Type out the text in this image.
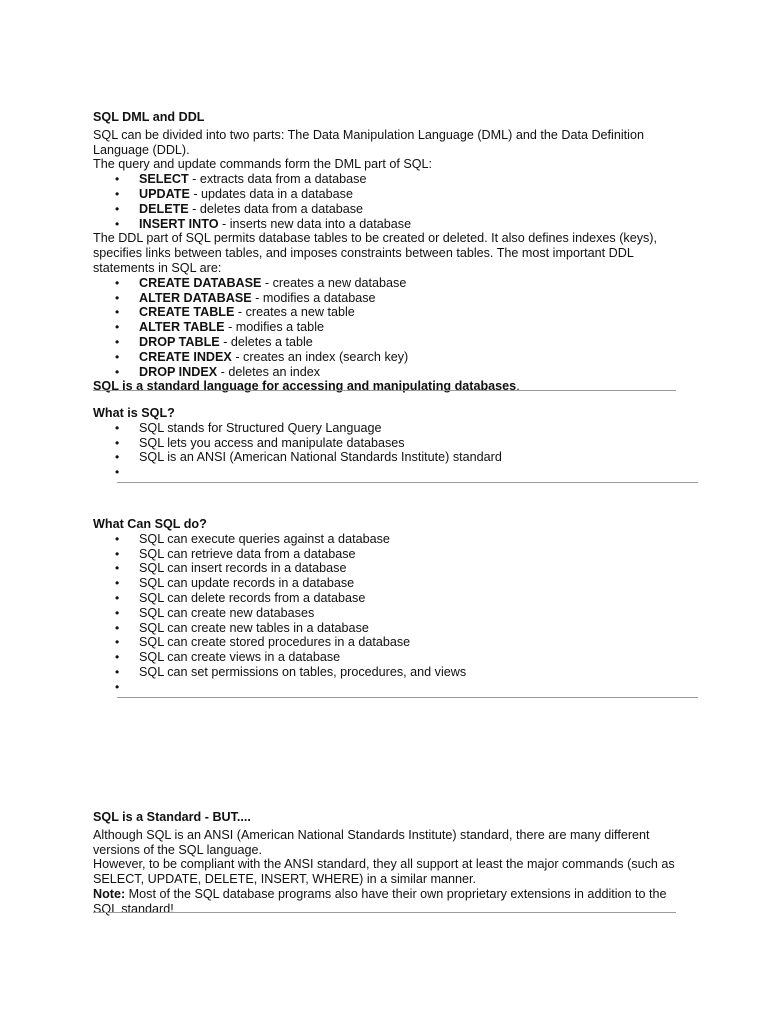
SQL DML and DDL

SQL can be divided into two parts: The Data Manipulation Language (DML) and the Data Definition Language (DDL).

The query and update commands form the DML part of SQL:

• SELECT - extracts data from a database
• UPDATE - updates data in a database
• DELETE - deletes data from a database
• INSERT INTO - inserts new data into a database

The DDL part of SQL permits database tables to be created or deleted. It also defines indexes (keys), specifies links between tables, and imposes constraints between tables. The most important DDL statements in SQL are:

• CREATE DATABASE - creates a new database
• ALTER DATABASE - modifies a database
• CREATE TABLE - creates a new table
• ALTER TABLE - modifies a table
• DROP TABLE - deletes a table
• CREATE INDEX - creates an index (search key)
• DROP INDEX - deletes an index

SQL is a standard language for accessing and manipulating databases.

What is SQL?

• SQL stands for Structured Query Language
• SQL lets you access and manipulate databases
• SQL is an ANSI (American National Standards Institute) standard
•

What Can SQL do?

• SQL can execute queries against a database
• SQL can retrieve data from a database
• SQL can insert records in a database
• SQL can update records in a database
• SQL can delete records from a database
• SQL can create new databases
• SQL can create new tables in a database
• SQL can create stored procedures in a database
• SQL can create views in a database
• SQL can set permissions on tables, procedures, and views
•

SQL is a Standard - BUT....

Although SQL is an ANSI (American National Standards Institute) standard, there are many different versions of the SQL language.

However, to be compliant with the ANSI standard, they all support at least the major commands (such as SELECT, UPDATE, DELETE, INSERT, WHERE) in a similar manner.

Note: Most of the SQL database programs also have their own proprietary extensions in addition to the SQL standard!
